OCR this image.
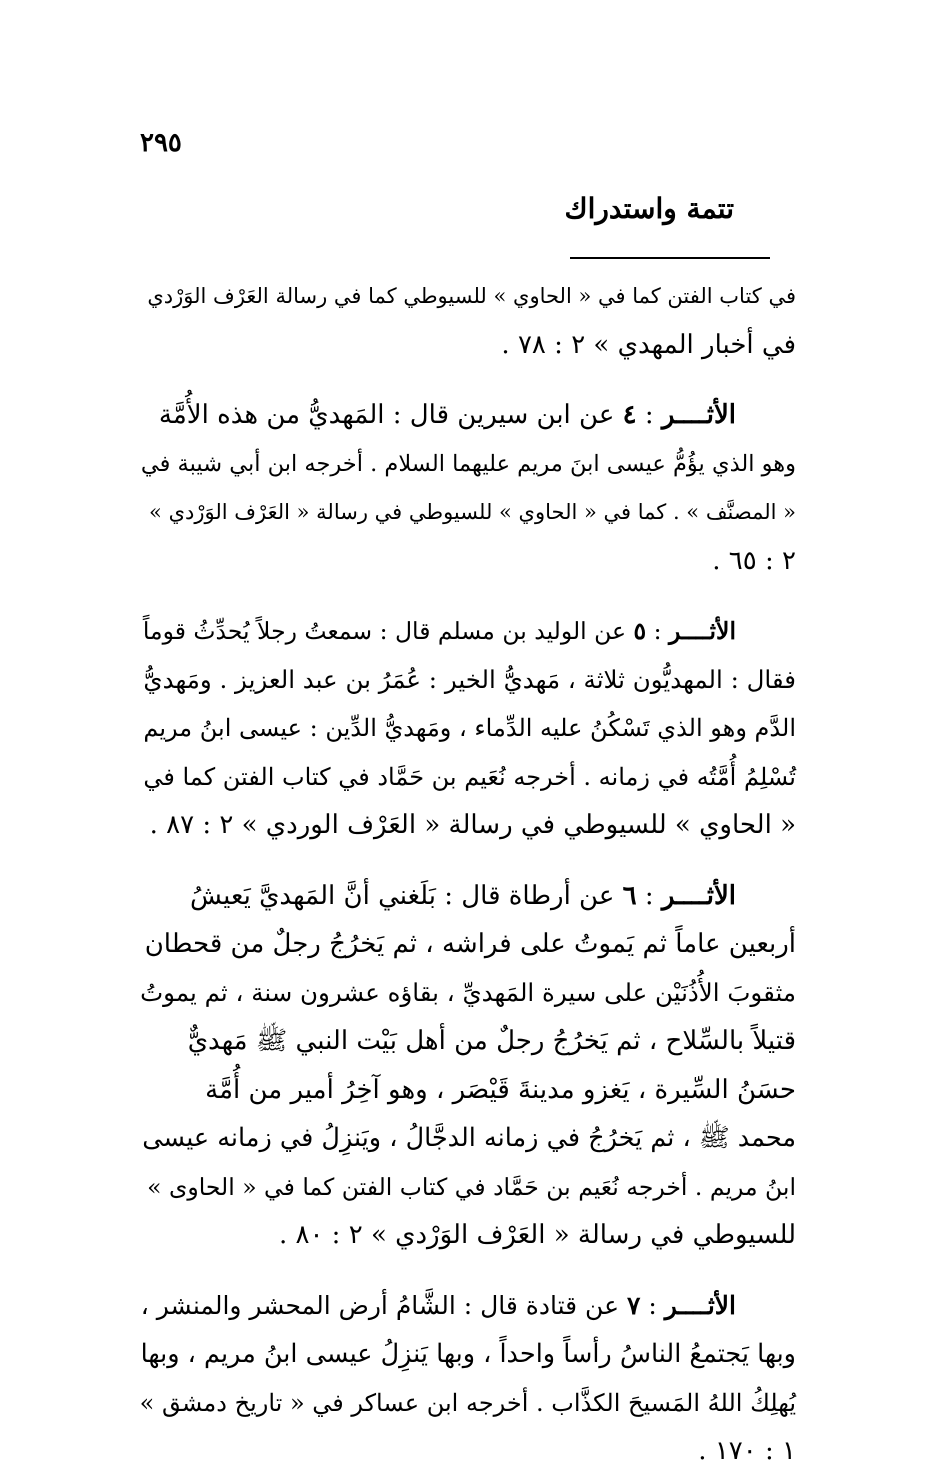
٢٩٥
تتمة واستدراك

في كتاب الفتن كما في « الحاوي » للسيوطي كما في رسالة العَرْف الوَرْدي
في أخبار المهدي » ٢ : ٧٨ .

الأثــــر : ٤ عن ابن سيرين قال : المَهديُّ من هذه الأُمَّة
وهو الذي يؤُمُّ عيسى ابنَ مريم عليهما السلام . أخرجه ابن أبي شيبة في
« المصنَّف » . كما في « الحاوي » للسيوطي في رسالة « العَرْف الوَرْدي »
٢ : ٦٥ .

الأثــــر : ٥ عن الوليد بن مسلم قال : سمعتُ رجلاً يُحدِّثُ قوماً
فقال : المهديُّون ثلاثة ، مَهديُّ الخير : عُمَرُ بن عبد العزيز . ومَهديُّ
الدَّم وهو الذي تَسْكُنُ عليه الدِّماء ، ومَهديُّ الدِّين : عيسى ابنُ مريم
تُسْلِمُ أُمَّتُه في زمانه . أخرجه نُعَيم بن حَمَّاد في كتاب الفتن كما في
« الحاوي » للسيوطي في رسالة « العَرْف الوردي » ٢ : ٨٧ .

الأثــــر : ٦ عن أرطاة قال : بَلَغني أنَّ المَهديَّ يَعيشُ
أربعين عاماً ثم يَموتُ على فراشه ، ثم يَخرُجُ رجلٌ من قحطان
مثقوبَ الأُذُنَيْن على سيرة المَهديِّ ، بقاؤه عشرون سنة ، ثم يموتُ
قتيلاً بالسِّلاح ، ثم يَخرُجُ رجلٌ من أهل بَيْت النبي ﷺ مَهديٌّ
حسَنُ السِّيرة ، يَغزو مدينةَ قَيْصَر ، وهو آخِرُ أمير من أُمَّة
محمد ﷺ ، ثم يَخرُجُ في زمانه الدجَّالُ ، ويَنزِلُ في زمانه عيسى
ابنُ مريم . أخرجه نُعَيم بن حَمَّاد في كتاب الفتن كما في « الحاوى »
للسيوطي في رسالة « العَرْف الوَرْدي » ٢ : ٨٠ .

الأثــــر : ٧ عن قتادة قال : الشَّامُ أرض المحشر والمنشر ،
وبها يَجتمعُ الناسُ رأساً واحداً ، وبها يَنزِلُ عيسى ابنُ مريم ، وبها
يُهلِكُ اللهُ المَسيحَ الكذَّاب . أخرجه ابن عساكر في « تاريخ دمشق »
١ : ١٧٠ .
